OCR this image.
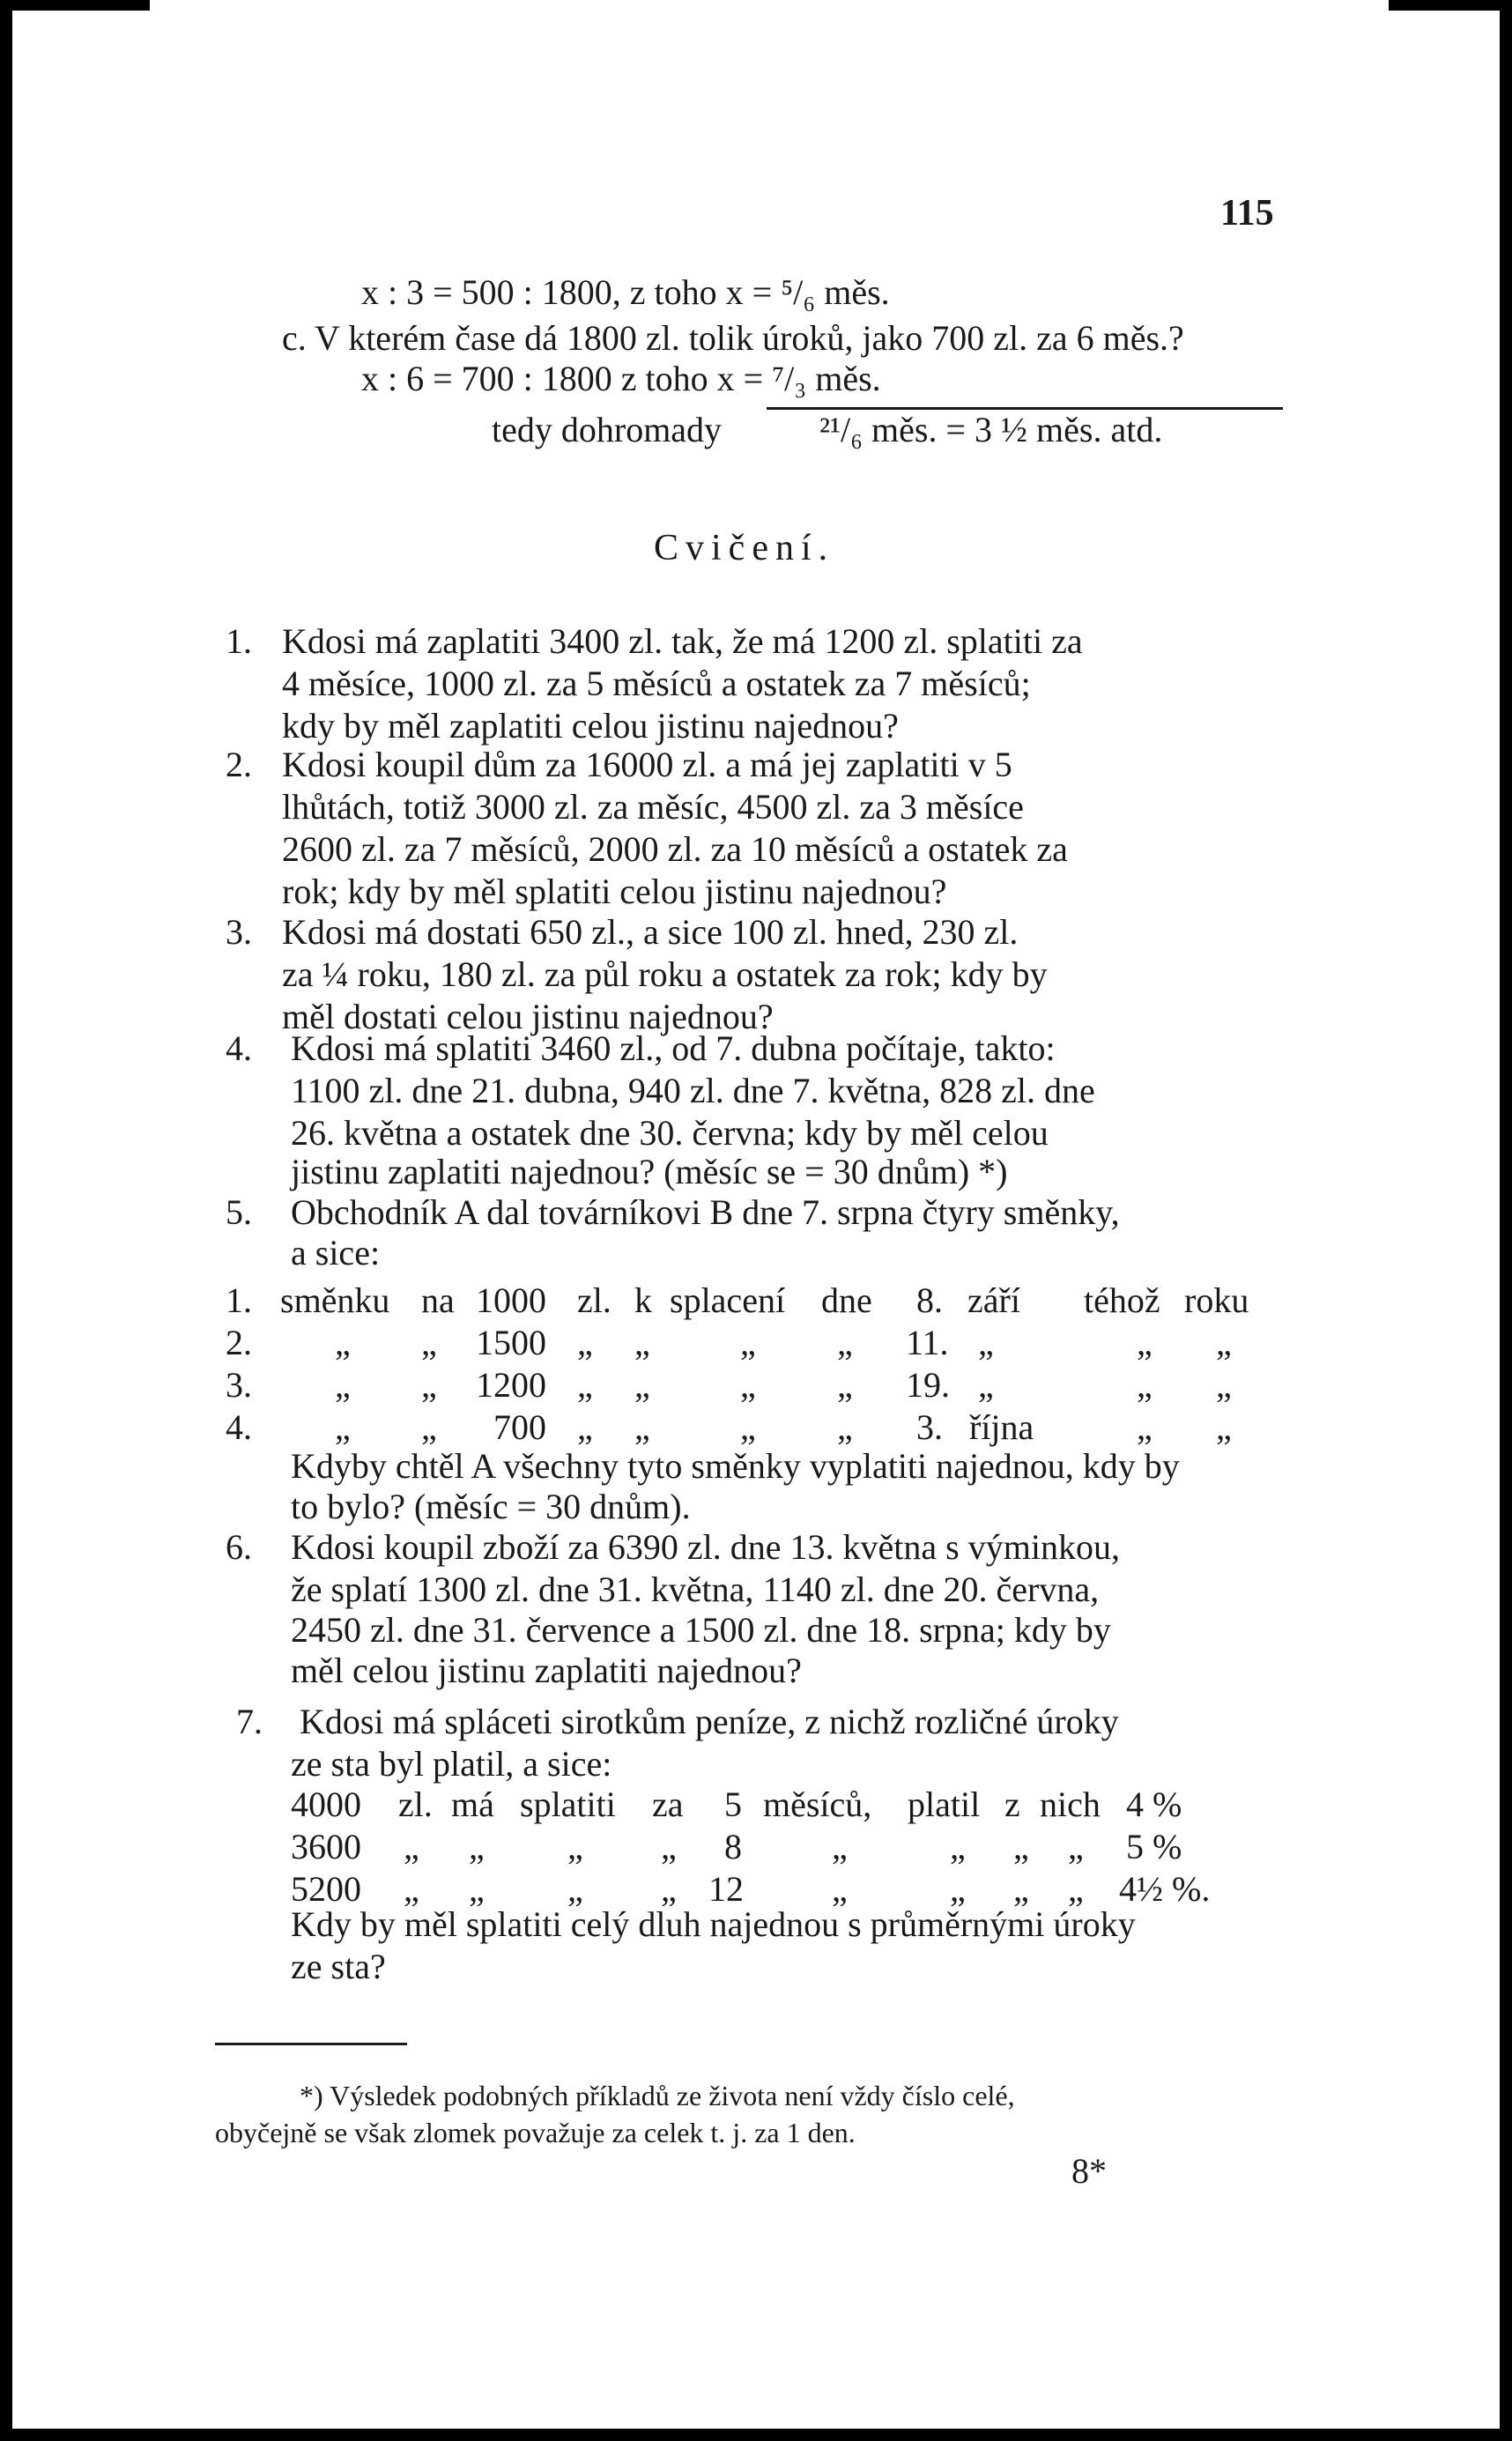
115
x : 3 = 500 : 1800, z toho x = ⁵/₆ měs.
c. V kterém čase dá 1800 zl. tolik úroků, jako 700 zl. za 6 měs.?
x : 6 = 700 : 1800 z toho x = ⁷/₃ měs.
tedy dohromady	²¹/₆ měs. = 3 ½ měs. atd.
Cvičení.
1. Kdosi má zaplatiti 3400 zl. tak, že má 1200 zl. splatiti za
4 měsíce, 1000 zl. za 5 měsíců a ostatek za 7 měsíců;
kdy by měl zaplatiti celou jistinu najednou?
2. Kdosi koupil dům za 16000 zl. a má jej zaplatiti v 5
lhůtách, totiž 3000 zl. za měsíc, 4500 zl. za 3 měsíce
2600 zl. za 7 měsíců, 2000 zl. za 10 měsíců a ostatek za
rok; kdy by měl splatiti celou jistinu najednou?
3. Kdosi má dostati 650 zl., a sice 100 zl. hned, 230 zl.
za ¼ roku, 180 zl. za půl roku a ostatek za rok; kdy by
měl dostati celou jistinu najednou?
4. Kdosi má splatiti 3460 zl., od 7. dubna počítaje, takto:
1100 zl. dne 21. dubna, 940 zl. dne 7. května, 828 zl. dne
26. května a ostatek dne 30. června; kdy by měl celou
jistinu zaplatiti najednou? (měsíc se = 30 dnům) *)
5. Obchodník A dal továrníkovi B dne 7. srpna čtyry směnky,
a sice:
1. směnku na 1000 zl. k splacení dne 8. září téhož roku
2. „ „ 1500 „ „	„ „ 11. „	„ „
3. „ „ 1200 „ „	„ „ 19. „	„ „
4. „ „ 700 „ „	„ „ 3. října	„ „
Kdyby chtěl A všechny tyto směnky vyplatiti najednou, kdy by
to bylo? (měsíc = 30 dnům).
6. Kdosi koupil zboží za 6390 zl. dne 13. května s výminkou,
že splatí 1300 zl. dne 31. května, 1140 zl. dne 20. června,
2450 zl. dne 31. července a 1500 zl. dne 18. srpna; kdy by
měl celou jistinu zaplatiti najednou?
7. Kdosi má spláceti sirotkům peníze, z nichž rozličné úroky
ze sta byl platil, a sice:
4000 zl. má splatiti za 5 měsíců, platil z nich 4 %
3600 „ „ „ „ 8	„	„ „ „ 5 %
5200 „ „ „ „ 12	„	„ „ „ 4½ %.
Kdy by měl splatiti celý dluh najednou s průměrnými úroky
ze sta?
*) Výsledek podobných příkladů ze života není vždy číslo celé,
obyčejně se však zlomek považuje za celek t. j. za 1 den.
8*
